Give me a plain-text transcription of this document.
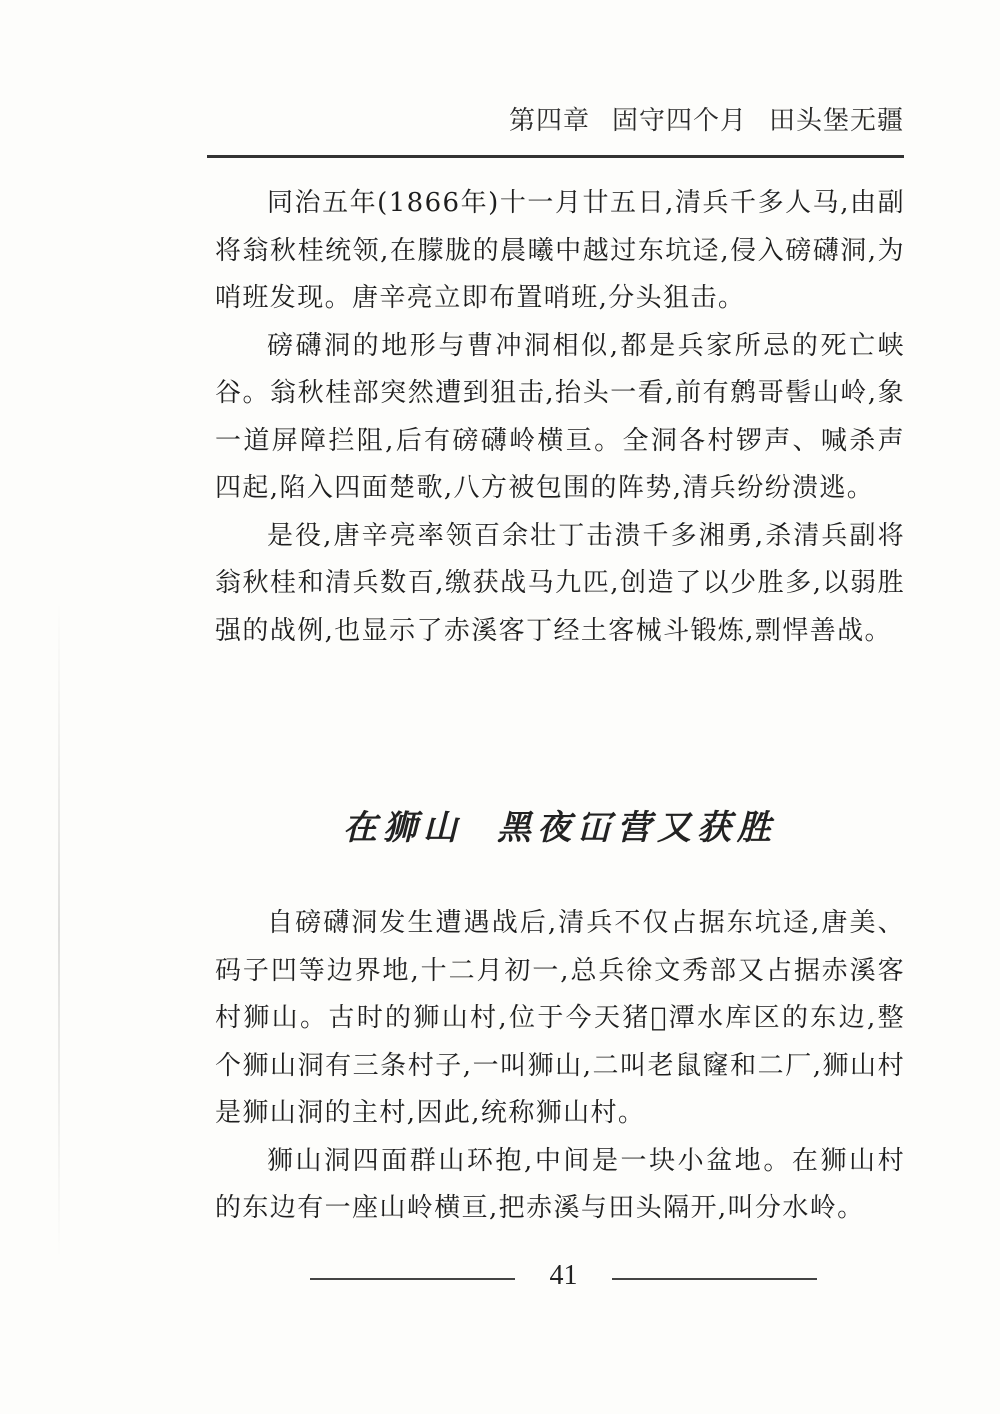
第四章 固守四个月 田头堡无疆

同治五年(1866年)十一月廿五日,清兵千多人马,由副将翁秋桂统领,在朦胧的晨曦中越过东坑迳,侵入磅礴洞,为哨班发现。唐辛亮立即布置哨班,分头狙击。

磅礴洞的地形与曹冲洞相似,都是兵家所忌的死亡峡谷。翁秋桂部突然遭到狙击,抬头一看,前有鹩哥髻山岭,象一道屏障拦阻,后有磅礴岭横亘。全洞各村锣声、喊杀声四起,陷入四面楚歌,八方被包围的阵势,清兵纷纷溃逃。

是役,唐辛亮率领百余壮丁击溃千多湘勇,杀清兵副将翁秋桂和清兵数百,缴获战马九匹,创造了以少胜多,以弱胜强的战例,也显示了赤溪客丁经土客械斗锻炼,剽悍善战。

在狮山 黑夜冚营又获胜

自磅礴洞发生遭遇战后,清兵不仅占据东坑迳,唐美、码子凹等边界地,十二月初一,总兵徐文秀部又占据赤溪客村狮山。古时的狮山村,位于今天猪𧼈潭水库区的东边,整个狮山洞有三条村子,一叫狮山,二叫老鼠窿和二厂,狮山村是狮山洞的主村,因此,统称狮山村。

狮山洞四面群山环抱,中间是一块小盆地。在狮山村的东边有一座山岭横亘,把赤溪与田头隔开,叫分水岭。

41
